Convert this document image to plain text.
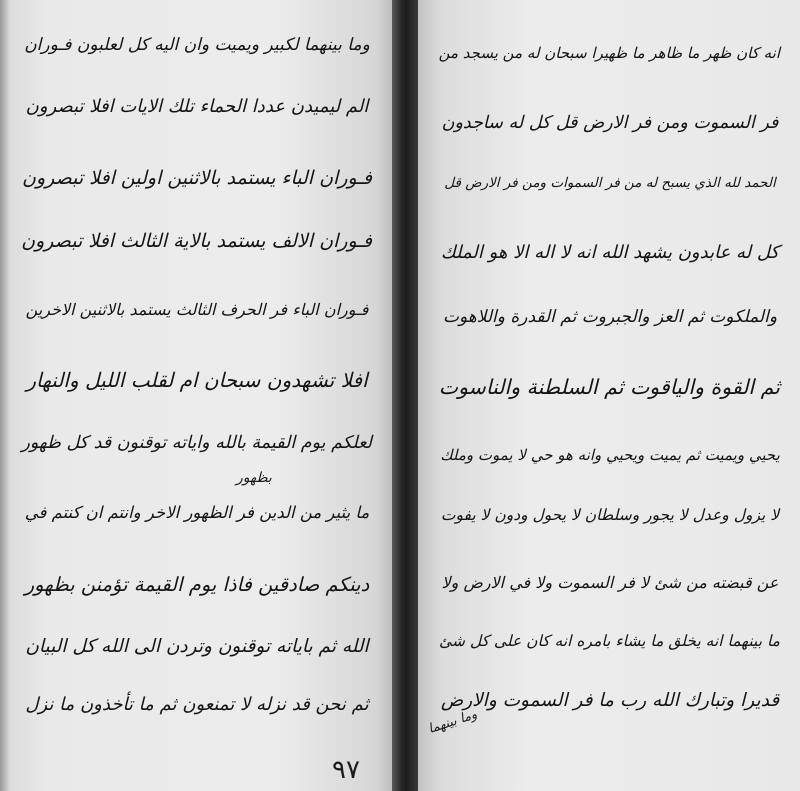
وما بينهما لكبير ويميت وان اليه كل لعلبون فـوران
الم ليميدن عددا الحماء تلك الايات افلا تبصرون
فـوران الباء يستمد بالاثنين اولين افلا تبصرون
فـوران الالف يستمد بالاية الثالث افلا تبصرون
فـوران الباء فر الحرف الثالث يستمد بالاثنين الاخرين
افلا تشهدون سبحان ام لقلب الليل والنهار
لعلكم يوم القيمة بالله واياته توقنون قد كل ظهور
ما يثير من الدين فر الظهور الاخر وانتم ان كنتم في
دينكم صادقين فاذا يوم القيمة تؤمنن بظهور
الله ثم باياته توقنون وتردن الى الله كل البيان
ثم نحن قد نزله لا تمنعون ثم ما تأخذون ما نزل
بظهور
٩٧
انه كان ظهر ما ظاهر ما ظهيرا سبحان له من يسجد من
فر السموت ومن فر الارض قل كل له ساجدون
الحمد لله الذي يسبح له من فر السموات ومن فر الارض قل
كل له عابدون يشهد الله انه لا اله الا هو الملك
والملكوت ثم العز والجبروت ثم القدرة واللاهوت
ثم القوة والياقوت ثم السلطنة والناسوت
يحيي ويميت ثم يميت ويحيي وانه هو حي لا يموت وملك
لا يزول وعدل لا يجور وسلطان لا يحول ودون لا يفوت
عن قبضته من شئ لا فر السموت ولا في الارض ولا
ما بينهما انه يخلق ما يشاء بامره انه كان على كل شئ
قديرا وتبارك الله رب ما فر السموت والارض
وما بينهما
